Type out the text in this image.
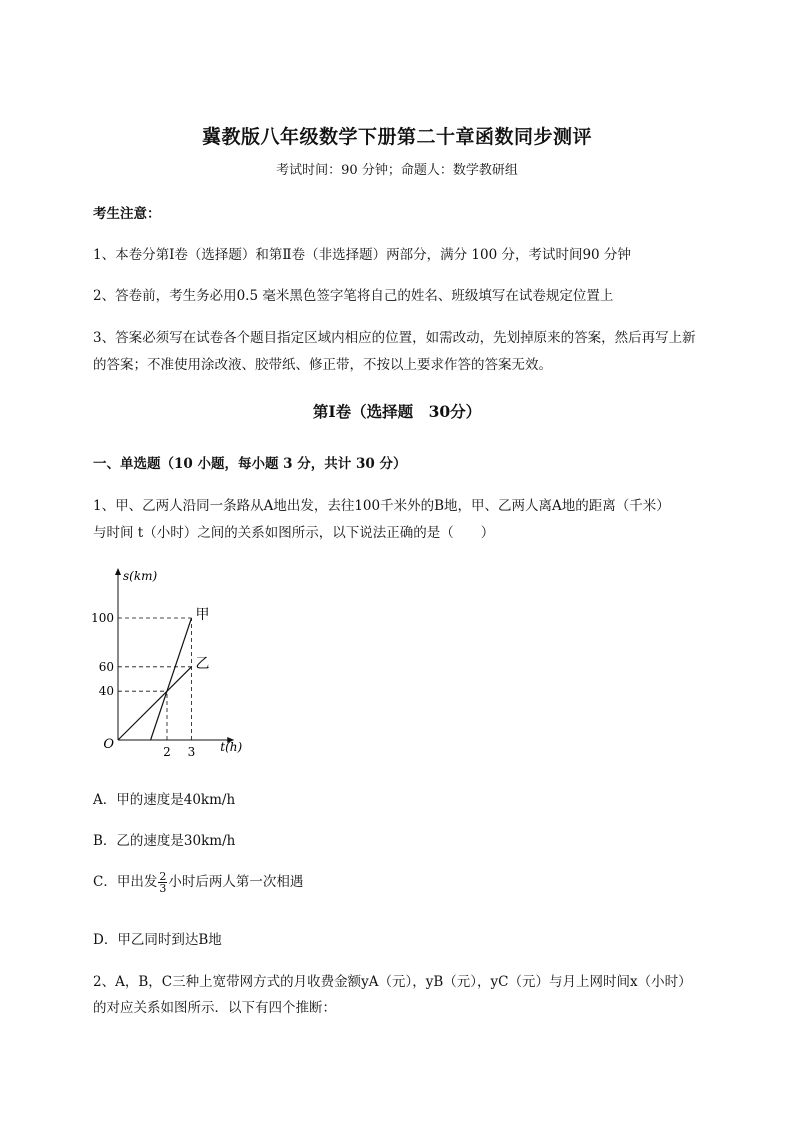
冀教版八年级数学下册第二十章函数同步测评
考试时间：90 分钟；命题人：数学教研组
考生注意：
1、本卷分第Ⅰ卷（选择题）和第Ⅱ卷（非选择题）两部分，满分 100 分，考试时间90 分钟
2、答卷前，考生务必用0.5 毫米黑色签字笔将自己的姓名、班级填写在试卷规定位置上
3、答案必须写在试卷各个题目指定区域内相应的位置，如需改动，先划掉原来的答案，然后再写上新
的答案；不准使用涂改液、胶带纸、修正带，不按以上要求作答的答案无效。
第Ⅰ卷（选择题　30分）
一、单选题（10 小题，每小题 3 分，共计 30 分）
1、甲、乙两人沿同一条路从A地出发，去往100千米外的B地，甲、乙两人离A地的距离（千米）
与时间 t（小时）之间的关系如图所示，以下说法正确的是（　　）
甲
乙
40
60
100
2 3
O	t(h)
s(km)
A．甲的速度是40km/h
B．乙的速度是30km/h
C．甲出发 $\frac{2}{3}$ 小时后两人第一次相遇
D．甲乙同时到达B地
2、A，B，C三种上宽带网方式的月收费金额yA（元），yB（元），yC（元）与月上网时间x（小时）
的对应关系如图所示．以下有四个推断：
